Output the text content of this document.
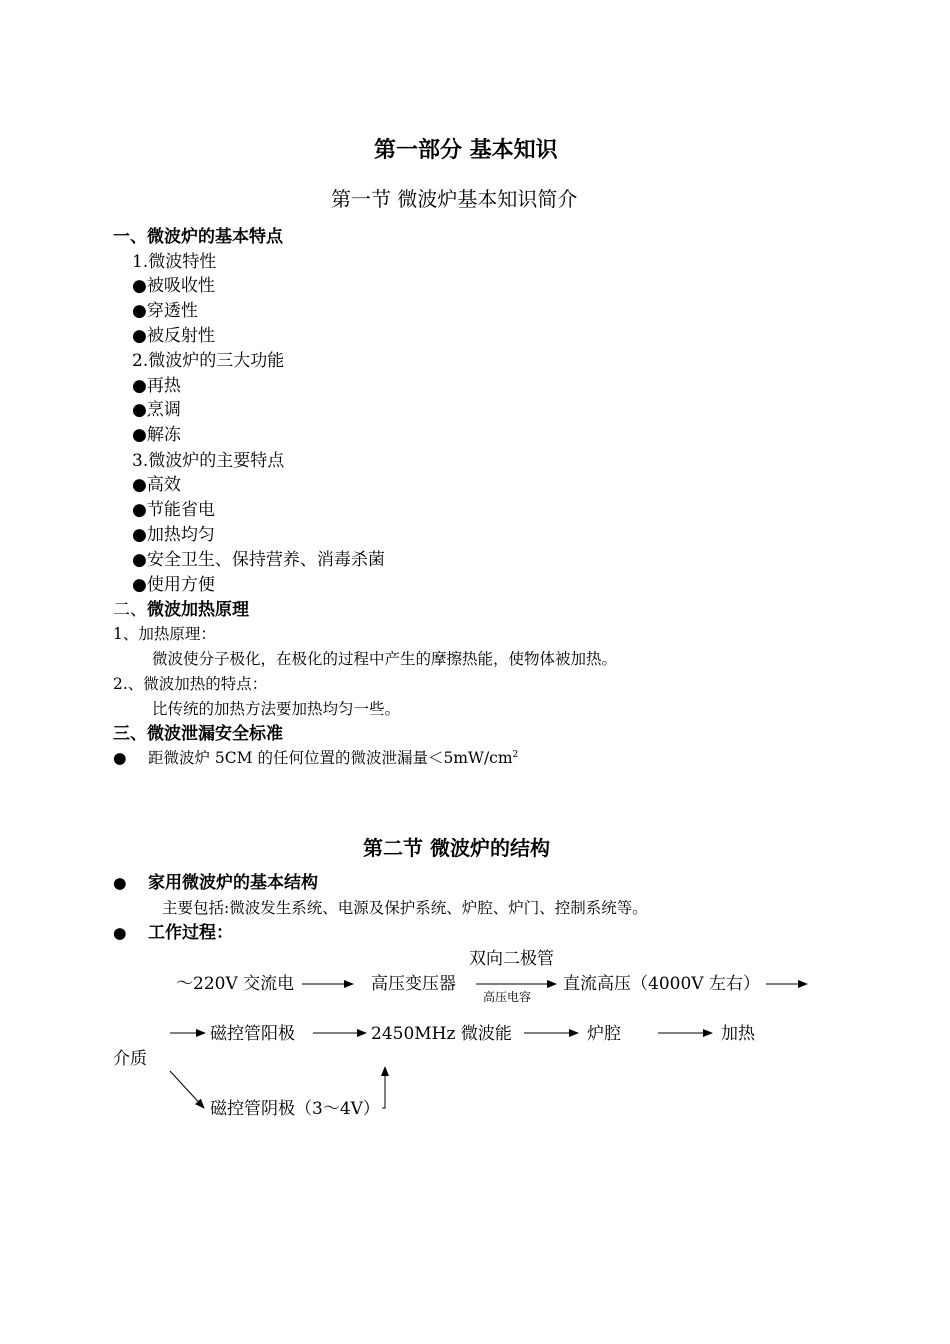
第一部分 基本知识
第一节 微波炉基本知识简介
一、微波炉的基本特点
1.微波特性
●被吸收性
●穿透性
●被反射性
2.微波炉的三大功能
●再热
●烹调
●解冻
3.微波炉的主要特点
●高效
●节能省电
●加热均匀
●安全卫生、保持营养、消毒杀菌
●使用方便
二、微波加热原理
1、加热原理：
微波使分子极化，在极化的过程中产生的摩擦热能，使物体被加热。
2.、微波加热的特点：
比传统的加热方法要加热均匀一些。
三、微波泄漏安全标准
● 距微波炉 5CM 的任何位置的微波泄漏量$<5mW/cm^2$
第二节 微波炉的结构
● 家用微波炉的基本结构
主要包括:微波发生系统、电源及保护系统、炉腔、炉门、控制系统等。
● 工作过程：
双向二极管
～220V 交流电	高压变压器
高压电容
直流高压（4000V 左右）
磁控管阳极	2450MHz 微波能	炉腔	加热
介质
磁控管阴极（3～4V）
